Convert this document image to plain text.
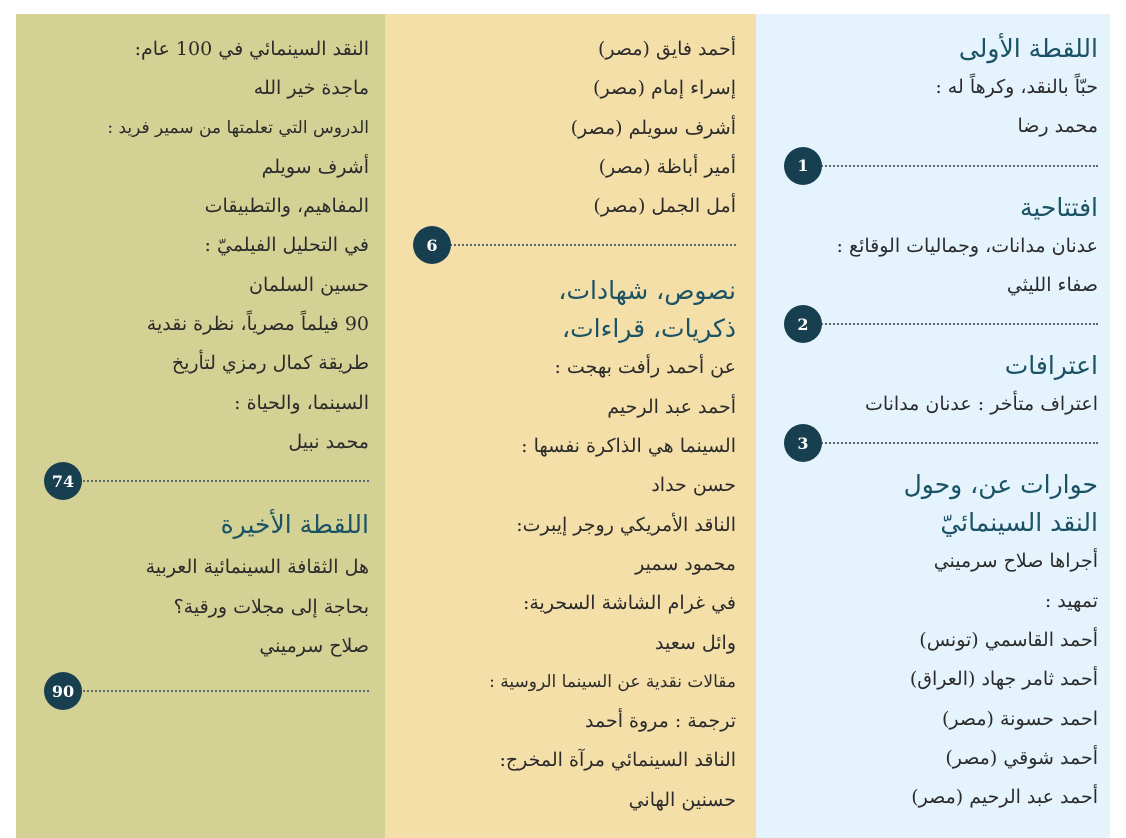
النقد السينمائي في 100 عام:
ماجدة خير الله
الدروس التي تعلمتها من سمير فريد :
أشرف سويلم
المفاهيم، والتطبيقات
في التحليل الفيلميّ :
حسين السلمان
90 فيلماً مصرياً، نظرة نقدية
طريقة كمال رمزي لتأريخ
السينما، والحياة :
محمد نبيل
74
اللقطة الأخيرة
هل الثقافة السينمائية العربية
بحاجة إلى مجلات ورقية؟
صلاح سرميني
90
أحمد فايق (مصر)
إسراء إمام (مصر)
أشرف سويلم (مصر)
أمير أباظة (مصر)
أمل الجمل (مصر)
6
نصوص، شهادات،
ذكريات، قراءات،
عن أحمد رأفت بهجت :
أحمد عبد الرحيم
السينما هي الذاكرة نفسها :
حسن حداد
الناقد الأمريكي روجر إيبرت:
محمود سمير
في غرام الشاشة السحرية:
وائل سعيد
مقالات نقدية عن السينما الروسية :
ترجمة : مروة أحمد
الناقد السينمائي مرآة المخرج:
حسنين الهاني
اللقطة الأولى
حبّاً بالنقد، وكرهاً له :
محمد رضا
1
افتتاحية
عدنان مدانات، وجماليات الوقائع :
صفاء الليثي
2
اعترافات
اعتراف متأخر : عدنان مدانات
3
حوارات عن، وحول
النقد السينمائيّ
أجراها صلاح سرميني
تمهيد :
أحمد القاسمي (تونس)
أحمد ثامر جهاد (العراق)
احمد حسونة (مصر)
أحمد شوقي (مصر)
أحمد عبد الرحيم (مصر)
